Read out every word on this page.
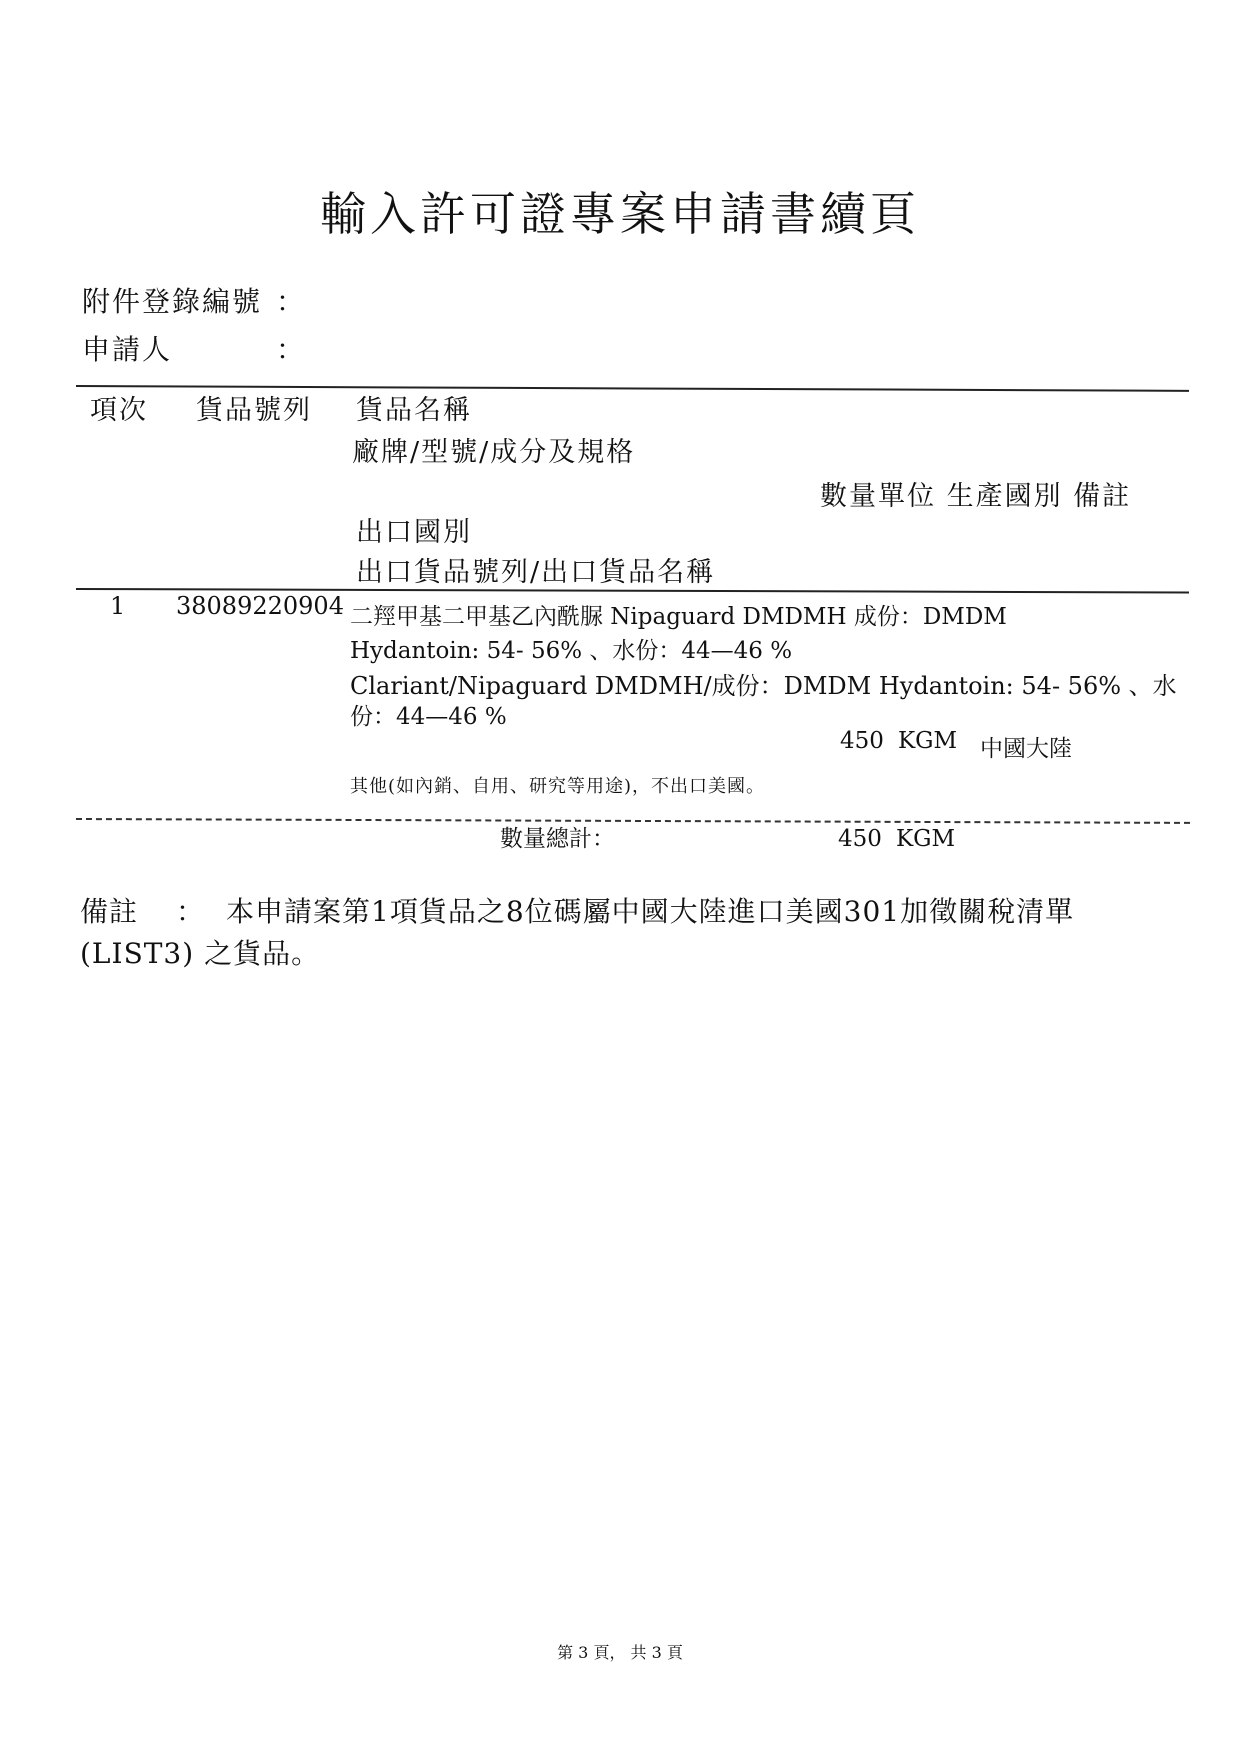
輸入許可證專案申請書續頁
附件登錄編號 ：
申請人	：
項次 貨品號列 貨品名稱
廠牌/型號/成分及規格
數量單位 生產國別 備註
出口國別
出口貨品號列/出口貨品名稱
1 38089220904 二羥甲基二甲基乙內酰脲 Nipaguard DMDMH 成份：DMDM
Hydantoin: 54- 56% 、水份：44—46 %
Clariant/Nipaguard DMDMH/成份：DMDM Hydantoin: 54- 56% 、水
份：44—46 %
450 KGM 中國大陸
其他(如內銷、自用、研究等用途)，不出口美國。
數量總計：	450 KGM
備註 ： 本申請案第1項貨品之8位碼屬中國大陸進口美國301加徵關稅清單
(LIST3) 之貨品。
第 3 頁， 共 3 頁
